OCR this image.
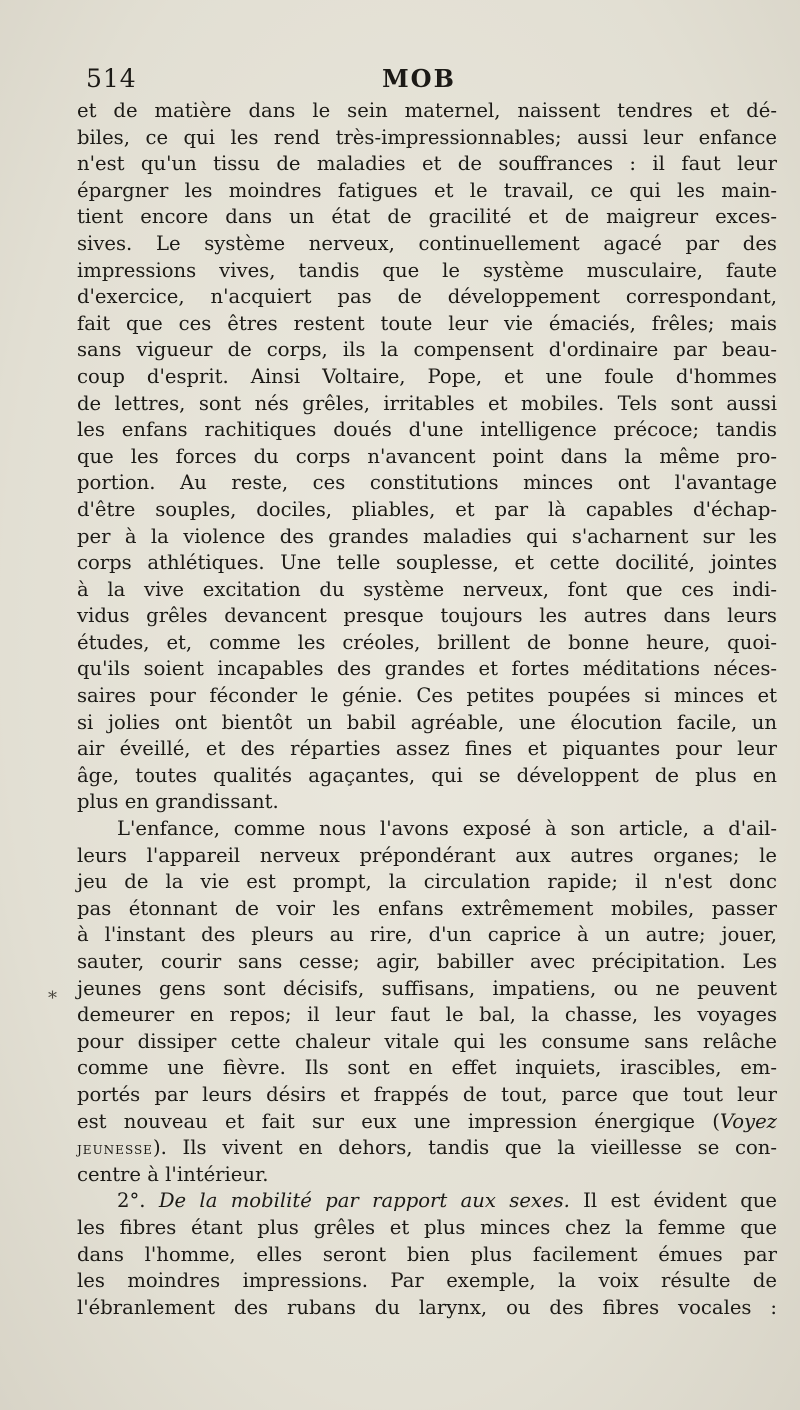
514	MOB
*
et de matière dans le sein maternel, naissent tendres et dé-
biles, ce qui les rend très-impressionnables; aussi leur enfance
n'est qu'un tissu de maladies et de souffrances : il faut leur
épargner les moindres fatigues et le travail, ce qui les main-
tient encore dans un état de gracilité et de maigreur exces-
sives. Le système nerveux, continuellement agacé par des
impressions vives, tandis que le système musculaire, faute
d'exercice, n'acquiert pas de développement correspondant,
fait que ces êtres restent toute leur vie émaciés, frêles; mais
sans vigueur de corps, ils la compensent d'ordinaire par beau-
coup d'esprit. Ainsi Voltaire, Pope, et une foule d'hommes
de lettres, sont nés grêles, irritables et mobiles. Tels sont aussi
les enfans rachitiques doués d'une intelligence précoce; tandis
que les forces du corps n'avancent point dans la même pro-
portion. Au reste, ces constitutions minces ont l'avantage
d'être souples, dociles, pliables, et par là capables d'échap-
per à la violence des grandes maladies qui s'acharnent sur les
corps athlétiques. Une telle souplesse, et cette docilité, jointes
à la vive excitation du système nerveux, font que ces indi-
vidus grêles devancent presque toujours les autres dans leurs
études, et, comme les créoles, brillent de bonne heure, quoi-
qu'ils soient incapables des grandes et fortes méditations néces-
saires pour féconder le génie. Ces petites poupées si minces et
si jolies ont bientôt un babil agréable, une élocution facile, un
air éveillé, et des réparties assez fines et piquantes pour leur
âge, toutes qualités agaçantes, qui se développent de plus en
plus en grandissant.
L'enfance, comme nous l'avons exposé à son article, a d'ail-
leurs l'appareil nerveux prépondérant aux autres organes; le
jeu de la vie est prompt, la circulation rapide; il n'est donc
pas étonnant de voir les enfans extrêmement mobiles, passer
à l'instant des pleurs au rire, d'un caprice à un autre; jouer,
sauter, courir sans cesse; agir, babiller avec précipitation. Les
jeunes gens sont décisifs, suffisans, impatiens, ou ne peuvent
demeurer en repos; il leur faut le bal, la chasse, les voyages
pour dissiper cette chaleur vitale qui les consume sans relâche
comme une fièvre. Ils sont en effet inquiets, irascibles, em-
portés par leurs désirs et frappés de tout, parce que tout leur
est nouveau et fait sur eux une impression énergique (Voyez
jeunesse). Ils vivent en dehors, tandis que la vieillesse se con-
centre à l'intérieur.
2°. De la mobilité par rapport aux sexes. Il est évident que
les fibres étant plus grêles et plus minces chez la femme que
dans l'homme, elles seront bien plus facilement émues par
les moindres impressions. Par exemple, la voix résulte de
l'ébranlement des rubans du larynx, ou des fibres vocales :
